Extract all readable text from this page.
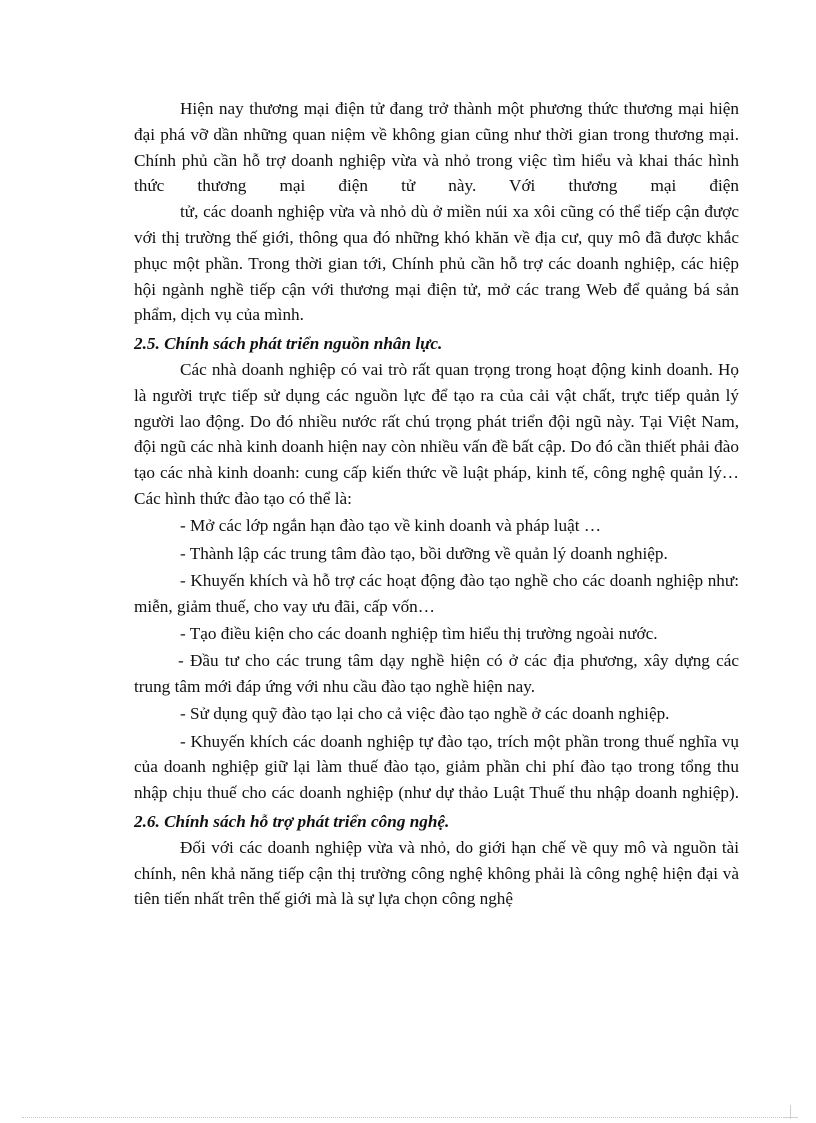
Hiện nay thương mại điện tử đang trở thành một phương thức thương mại hiện đại phá vỡ dần những quan niệm về không gian cũng như thời gian trong thương mại. Chính phủ cần hỗ trợ doanh nghiệp vừa và nhỏ trong việc tìm hiểu và khai thác hình thức thương mại điện tử này. Với thương mại điện

tử, các doanh nghiệp vừa và nhỏ dù ở miền núi xa xôi cũng có thể tiếp cận được với thị trường thế giới, thông qua đó những khó khăn về địa cư, quy mô đã được khắc phục một phần. Trong thời gian tới, Chính phủ cần hỗ trợ các doanh nghiệp, các hiệp hội ngành nghề tiếp cận với thương mại điện tử, mở các trang Web để quảng bá sản phẩm, dịch vụ của mình.

2.5. Chính sách phát triển nguồn nhân lực.

Các nhà doanh nghiệp có vai trò rất quan trọng trong hoạt động kinh doanh. Họ là người trực tiếp sử dụng các nguồn lực để tạo ra của cải vật chất, trực tiếp quản lý người lao động. Do đó nhiều nước rất chú trọng phát triển đội ngũ này. Tại Việt Nam, đội ngũ các nhà kinh doanh hiện nay còn nhiều vấn đề bất cập. Do đó cần thiết phải đào tạo các nhà kinh doanh: cung cấp kiến thức về luật pháp, kinh tế, công nghệ quản lý… Các hình thức đào tạo có thể là:

- Mở các lớp ngắn hạn đào tạo về kinh doanh và pháp luật …

- Thành lập các trung tâm đào tạo, bồi dưỡng về quản lý doanh nghiệp.

- Khuyến khích và hỗ trợ các hoạt động đào tạo nghề cho các doanh nghiệp như: miễn, giảm thuế, cho vay ưu đãi, cấp vốn…

- Tạo điều kiện cho các doanh nghiệp tìm hiểu thị trường ngoài nước.

- Đầu tư cho các trung tâm dạy nghề hiện có ở các địa phương, xây dựng các trung tâm mới đáp ứng với nhu cầu đào tạo nghề hiện nay.

- Sử dụng quỹ đào tạo lại cho cả việc đào tạo nghề ở các doanh nghiệp.

- Khuyến khích các doanh nghiệp tự đào tạo, trích một phần trong thuế nghĩa vụ của doanh nghiệp giữ lại làm thuế đào tạo, giảm phần chi phí đào tạo trong tổng thu nhập chịu thuế cho các doanh nghiệp (như dự thảo Luật Thuế thu nhập doanh nghiệp).

2.6. Chính sách hỗ trợ phát triển công nghệ.

Đối với các doanh nghiệp vừa và nhỏ, do giới hạn chế về quy mô và nguồn tài chính, nên khả năng tiếp cận thị trường công nghệ không phải là công nghệ hiện đại và tiên tiến nhất trên thế giới mà là sự lựa chọn công nghệ
